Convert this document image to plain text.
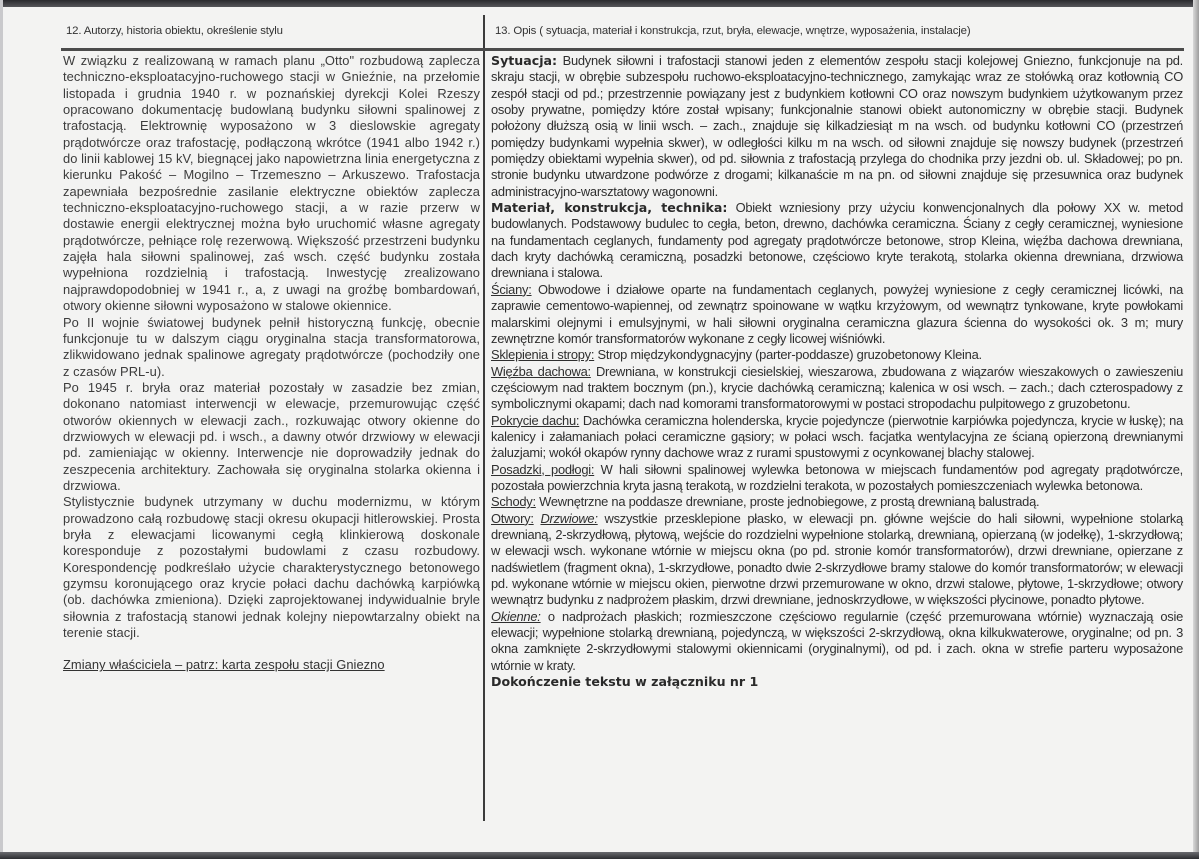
12. Autorzy, historia obiektu, określenie stylu	13. Opis ( sytuacja, materiał i konstrukcja, rzut, bryła, elewacje, wnętrze, wyposażenia, instalacje)

W związku z realizowaną w ramach planu „Otto" rozbudową zaplecza techniczno-eksploatacyjno-ruchowego stacji w Gnieźnie, na przełomie listopada i grudnia 1940 r. w poznańskiej dyrekcji Kolei Rzeszy opracowano dokumentację budowlaną budynku siłowni spalinowej z trafostacją. Elektrownię wyposażono w 3 dieslowskie agregaty prądotwórcze oraz trafostację, podłączoną wkrótce (1941 albo 1942 r.) do linii kablowej 15 kV, biegnącej jako napowietrzna linia energetyczna z kierunku Pakość – Mogilno – Trzemeszno – Arkuszewo. Trafostacja zapewniała bezpośrednie zasilanie elektryczne obiektów zaplecza techniczno-eksploatacyjno-ruchowego stacji, a w razie przerw w dostawie energii elektrycznej można było uruchomić własne agregaty prądotwórcze, pełniące rolę rezerwową. Większość przestrzeni budynku zajęła hala siłowni spalinowej, zaś wsch. część budynku została wypełniona rozdzielnią i trafostacją. Inwestycję zrealizowano najprawdopodobniej w 1941 r., a, z uwagi na groźbę bombardowań, otwory okienne siłowni wyposażono w stalowe okiennice.

Po II wojnie światowej budynek pełnił historyczną funkcję, obecnie funkcjonuje tu w dalszym ciągu oryginalna stacja transformatorowa, zlikwidowano jednak spalinowe agregaty prądotwórcze (pochodziły one z czasów PRL-u).

Po 1945 r. bryła oraz materiał pozostały w zasadzie bez zmian, dokonano natomiast interwencji w elewacje, przemurowując część otworów okiennych w elewacji zach., rozkuwając otwory okienne do drzwiowych w elewacji pd. i wsch., a dawny otwór drzwiowy w elewacji pd. zamieniając w okienny. Interwencje nie doprowadziły jednak do zeszpecenia architektury. Zachowała się oryginalna stolarka okienna i drzwiowa.

Stylistycznie budynek utrzymany w duchu modernizmu, w którym prowadzono całą rozbudowę stacji okresu okupacji hitlerowskiej. Prosta bryła z elewacjami licowanymi cegłą klinkierową doskonale koresponduje z pozostałymi budowlami z czasu rozbudowy. Korespondencję podkreślało użycie charakterystycznego betonowego gzymsu koronującego oraz krycie połaci dachu dachówką karpiówką (ob. dachówka zmieniona). Dzięki zaprojektowanej indywidualnie bryle siłownia z trafostacją stanowi jednak kolejny niepowtarzalny obiekt na terenie stacji.

Zmiany właściciela – patrz: karta zespołu stacji Gniezno

Sytuacja: Budynek siłowni i trafostacji stanowi jeden z elementów zespołu stacji kolejowej Gniezno, funkcjonuje na pd. skraju stacji, w obrębie subzespołu ruchowo-eksploatacyjno-technicznego, zamykając wraz ze stołówką oraz kotłownią CO zespół stacji od pd.; przestrzennie powiązany jest z budynkiem kotłowni CO oraz nowszym budynkiem użytkowanym przez osoby prywatne, pomiędzy które został wpisany; funkcjonalnie stanowi obiekt autonomiczny w obrębie stacji. Budynek położony dłuższą osią w linii wsch. – zach., znajduje się kilkadziesiąt m na wsch. od budynku kotłowni CO (przestrzeń pomiędzy budynkami wypełnia skwer), w odległości kilku m na wsch. od siłowni znajduje się nowszy budynek (przestrzeń pomiędzy obiektami wypełnia skwer), od pd. siłownia z trafostacją przylega do chodnika przy jezdni ob. ul. Składowej; po pn. stronie budynku utwardzone podwórze z drogami; kilkanaście m na pn. od siłowni znajduje się przesuwnica oraz budynek administracyjno-warsztatowy wagonowni.

Materiał, konstrukcja, technika: Obiekt wzniesiony przy użyciu konwencjonalnych dla połowy XX w. metod budowlanych. Podstawowy budulec to cegła, beton, drewno, dachówka ceramiczna. Ściany z cegły ceramicznej, wyniesione na fundamentach ceglanych, fundamenty pod agregaty prądotwórcze betonowe, strop Kleina, więźba dachowa drewniana, dach kryty dachówką ceramiczną, posadzki betonowe, częściowo kryte terakotą, stolarka okienna drewniana, drzwiowa drewniana i stalowa.

Ściany: Obwodowe i działowe oparte na fundamentach ceglanych, powyżej wyniesione z cegły ceramicznej licówki, na zaprawie cementowo-wapiennej, od zewnątrz spoinowane w wątku krzyżowym, od wewnątrz tynkowane, kryte powłokami malarskimi olejnymi i emulsyjnymi, w hali siłowni oryginalna ceramiczna glazura ścienna do wysokości ok. 3 m; mury zewnętrzne komór transformatorów wykonane z cegły licowej wiśniówki.

Sklepienia i stropy: Strop międzykondygnacyjny (parter-poddasze) gruzobetonowy Kleina.

Więźba dachowa: Drewniana, w konstrukcji ciesielskiej, wieszarowa, zbudowana z wiązarów wieszakowych o zawieszeniu częściowym nad traktem bocznym (pn.), krycie dachówką ceramiczną; kalenica w osi wsch. – zach.; dach czterospadowy z symbolicznymi okapami; dach nad komorami transformatorowymi w postaci stropodachu pulpitowego z gruzobetonu.

Pokrycie dachu: Dachówka ceramiczna holenderska, krycie pojedyncze (pierwotnie karpiówka pojedyncza, krycie w łuskę); na kalenicy i załamaniach połaci ceramiczne gąsiory; w połaci wsch. facjatka wentylacyjna ze ścianą opierzoną drewnianymi żaluzjami; wokół okapów rynny dachowe wraz z rurami spustowymi z ocynkowanej blachy stalowej.

Posadzki, podłogi: W hali siłowni spalinowej wylewka betonowa w miejscach fundamentów pod agregaty prądotwórcze, pozostała powierzchnia kryta jasną terakotą, w rozdzielni terakota, w pozostałych pomieszczeniach wylewka betonowa.

Schody: Wewnętrzne na poddasze drewniane, proste jednobiegowe, z prostą drewnianą balustradą.

Otwory: Drzwiowe: wszystkie przesklepione płasko, w elewacji pn. główne wejście do hali siłowni, wypełnione stolarką drewnianą, 2-skrzydłową, płytową, wejście do rozdzielni wypełnione stolarką, drewnianą, opierzaną (w jodełkę), 1-skrzydłową; w elewacji wsch. wykonane wtórnie w miejscu okna (po pd. stronie komór transformatorów), drzwi drewniane, opierzane z nadświetlem (fragment okna), 1-skrzydłowe, ponadto dwie 2-skrzydłowe bramy stalowe do komór transformatorów; w elewacji pd. wykonane wtórnie w miejscu okien, pierwotne drzwi przemurowane w okno, drzwi stalowe, płytowe, 1-skrzydłowe; otwory wewnątrz budynku z nadprożem płaskim, drzwi drewniane, jednoskrzydłowe, w większości płycinowe, ponadto płytowe.

Okienne: o nadprożach płaskich; rozmieszczone częściowo regularnie (część przemurowana wtórnie) wyznaczają osie elewacji; wypełnione stolarką drewnianą, pojedynczą, w większości 2-skrzydłową, okna kilkukwaterowe, oryginalne; od pn. 3 okna zamknięte 2-skrzydłowymi stalowymi okiennicami (oryginalnymi), od pd. i zach. okna w strefie parteru wyposażone wtórnie w kraty.

Dokończenie tekstu w załączniku nr 1
